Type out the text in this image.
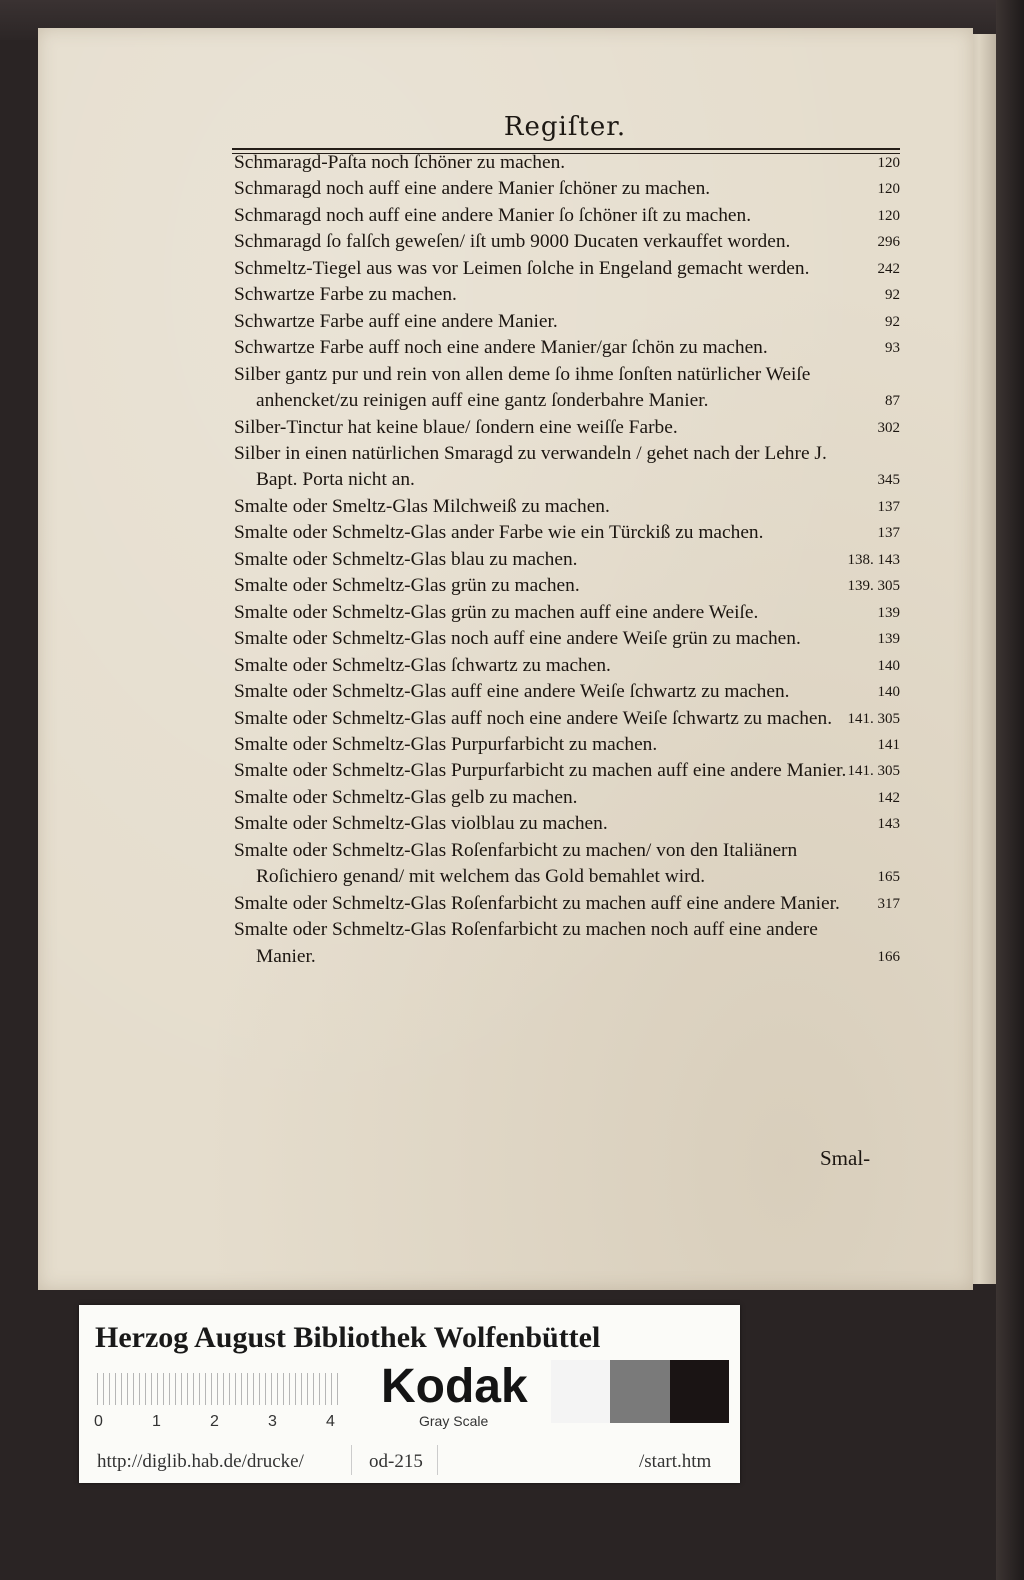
Regiſter.
Schmaragd-Paſta noch ſchöner zu machen.	120
Schmaragd noch auff eine andere Manier ſchöner zu machen.	120
Schmaragd noch auff eine andere Manier ſo ſchöner iſt zu machen.	120
Schmaragd ſo falſch geweſen/ iſt umb 9000 Ducaten verkauffet worden.	296
Schmeltz-Tiegel aus was vor Leimen ſolche in Engeland gemacht werden.	242
Schwartze Farbe zu machen.	92
Schwartze Farbe auff eine andere Manier.	92
Schwartze Farbe auff noch eine andere Manier/gar ſchön zu machen.	93
Silber gantz pur und rein von allen deme ſo ihme ſonſten natürlicher Weiſe anhencket/zu reinigen auff eine gantz ſonderbahre Manier.	87
Silber-Tinctur hat keine blaue/ ſondern eine weiſſe Farbe.	302
Silber in einen natürlichen Smaragd zu verwandeln / gehet nach der Lehre J. Bapt. Porta nicht an.	345
Smalte oder Smeltz-Glas Milchweiß zu machen.	137
Smalte oder Schmeltz-Glas ander Farbe wie ein Türckiß zu machen.	137
Smalte oder Schmeltz-Glas blau zu machen.	138. 143
Smalte oder Schmeltz-Glas grün zu machen.	139. 305
Smalte oder Schmeltz-Glas grün zu machen auff eine andere Weiſe.	139
Smalte oder Schmeltz-Glas noch auff eine andere Weiſe grün zu machen.	139
Smalte oder Schmeltz-Glas ſchwartz zu machen.	140
Smalte oder Schmeltz-Glas auff eine andere Weiſe ſchwartz zu machen.	140
Smalte oder Schmeltz-Glas auff noch eine andere Weiſe ſchwartz zu machen.	141. 305
Smalte oder Schmeltz-Glas Purpurfarbicht zu machen.	141
Smalte oder Schmeltz-Glas Purpurfarbicht zu machen auff eine andere Manier. 141. 305
Smalte oder Schmeltz-Glas gelb zu machen.	142
Smalte oder Schmeltz-Glas violblau zu machen.	143
Smalte oder Schmeltz-Glas Roſenfarbicht zu machen/ von den Italiänern Roſichiero genand/ mit welchem das Gold bemahlet wird.	165
Smalte oder Schmeltz-Glas Roſenfarbicht zu machen auff eine andere Manier.	317
Smalte oder Schmeltz-Glas Roſenfarbicht zu machen noch auff eine andere Manier.	166
Smal-
Herzog August Bibliothek Wolfenbüttel
0	1	2	3	4
Kodak
Gray Scale
http://diglib.hab.de/drucke/	od-215	/start.htm
